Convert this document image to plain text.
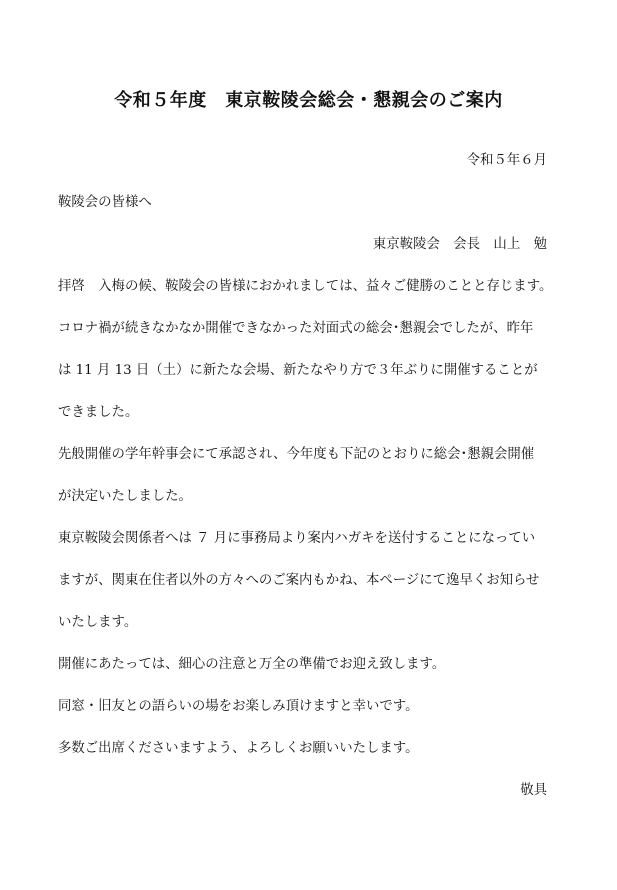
令和５年度　東京鞍陵会総会・懇親会のご案内
令和５年６月
鞍陵会の皆様へ
東京鞍陵会　会長　山上　勉
拝啓　入梅の候、鞍陵会の皆様におかれましては、益々ご健勝のことと存じます。
コロナ禍が続きなかなか開催できなかった対面式の総会･懇親会でしたが、昨年
は 11 月 13 日（土）に新たな会場、新たなやり方で３年ぶりに開催することが
できました。
先般開催の学年幹事会にて承認され、今年度も下記のとおりに総会･懇親会開催
が決定いたしました。
東京鞍陵会関係者へは ７ 月に事務局より案内ハガキを送付することになってい
ますが、関東在住者以外の方々へのご案内もかね、本ページにて逸早くお知らせ
いたします。
開催にあたっては、細心の注意と万全の準備でお迎え致します。
同窓・旧友との語らいの場をお楽しみ頂けますと幸いです。
多数ご出席くださいますよう、よろしくお願いいたします。
敬具
